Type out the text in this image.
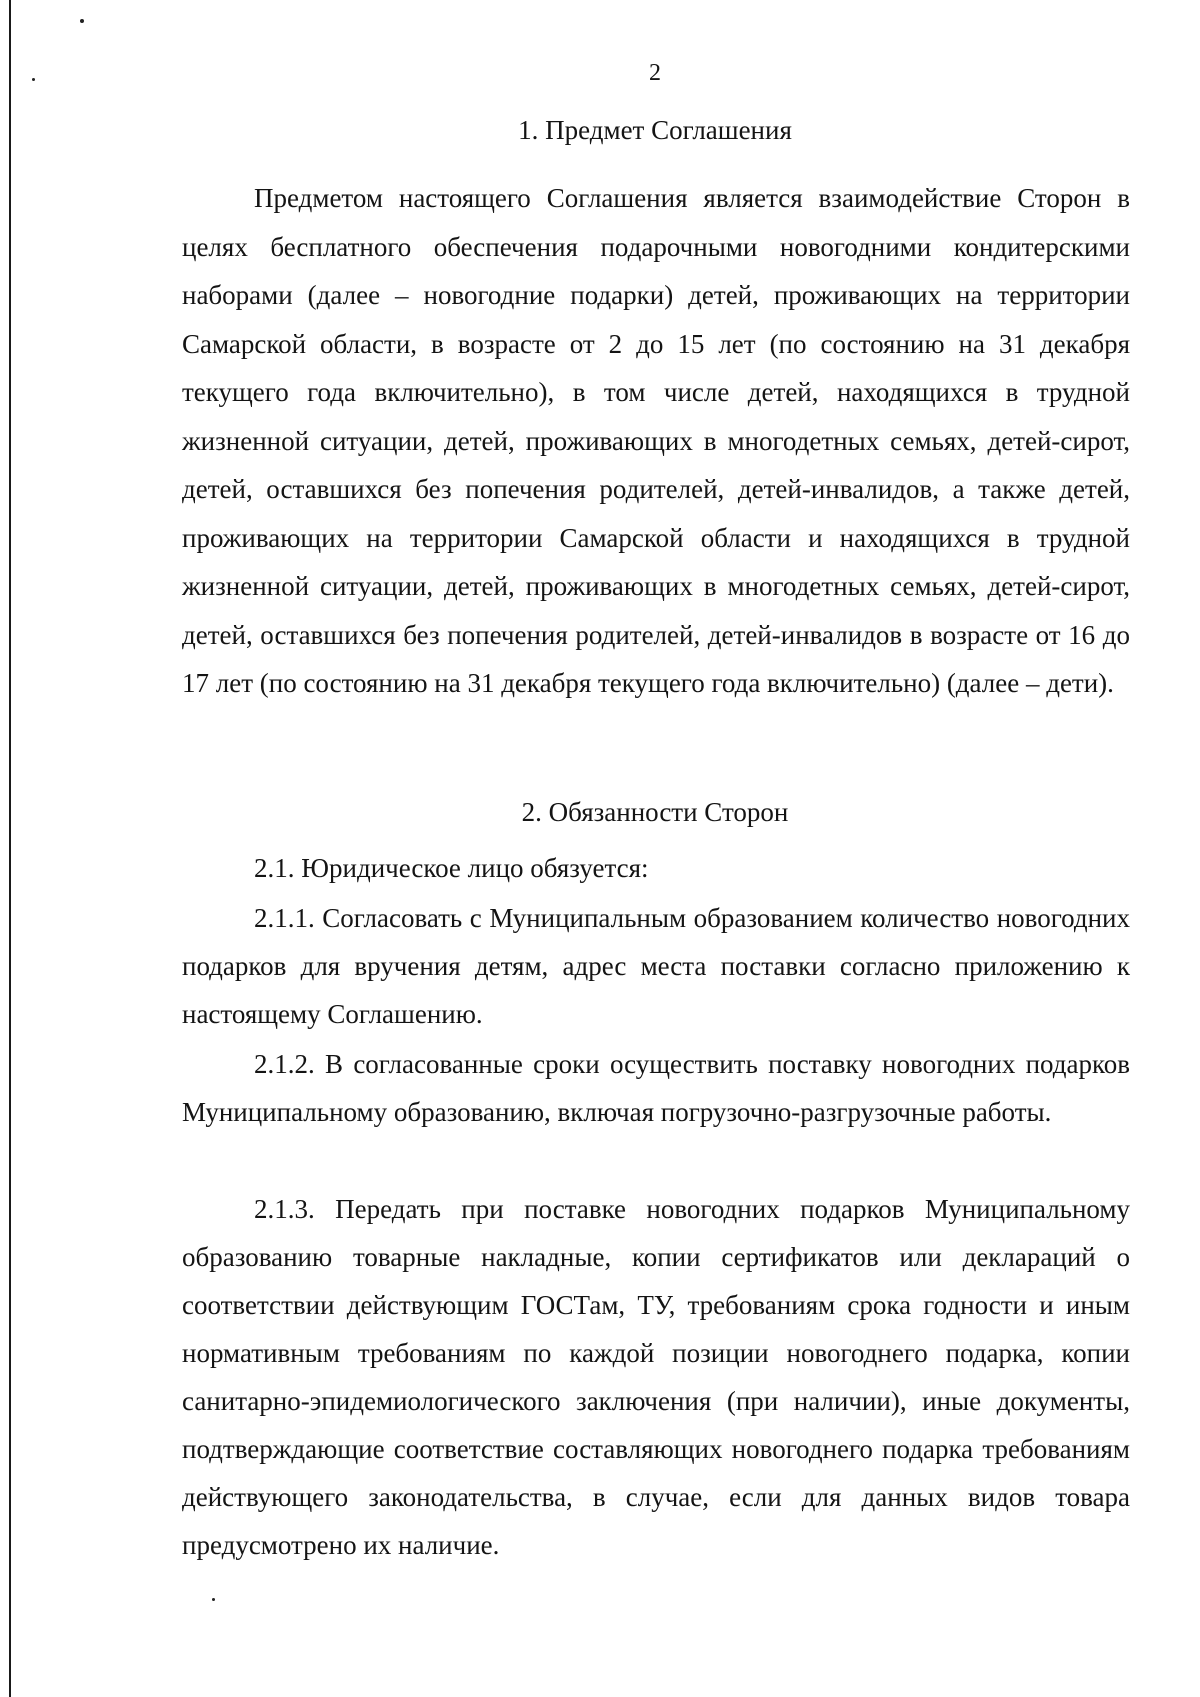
2
1. Предмет Соглашения
Предметом настоящего Соглашения является взаимодействие Сторон в целях бесплатного обеспечения подарочными новогодними кондитерскими наборами (далее – новогодние подарки) детей, проживающих на территории Самарской области, в возрасте от 2 до 15 лет (по состоянию на 31 декабря текущего года включительно), в том числе детей, находящихся в трудной жизненной ситуации, детей, проживающих в многодетных семьях, детей-сирот, детей, оставшихся без попечения родителей, детей-инвалидов, а также детей, проживающих на территории Самарской области и находящихся в трудной жизненной ситуации, детей, проживающих в многодетных семьях, детей-сирот, детей, оставшихся без попечения родителей, детей-инвалидов в возрасте от 16 до 17 лет (по состоянию на 31 декабря текущего года включительно) (далее – дети).
2. Обязанности Сторон
2.1. Юридическое лицо обязуется:
2.1.1. Согласовать с Муниципальным образованием количество новогодних подарков для вручения детям, адрес места поставки согласно приложению к настоящему Соглашению.
2.1.2. В согласованные сроки осуществить поставку новогодних подарков Муниципальному образованию, включая погрузочно-разгрузочные работы.
2.1.3. Передать при поставке новогодних подарков Муниципальному образованию товарные накладные, копии сертификатов или деклараций о соответствии действующим ГОСТам, ТУ, требованиям срока годности и иным нормативным требованиям по каждой позиции новогоднего подарка, копии санитарно-эпидемиологического заключения (при наличии), иные документы, подтверждающие соответствие составляющих новогоднего подарка требованиям действующего законодательства, в случае, если для данных видов товара предусмотрено их наличие.
